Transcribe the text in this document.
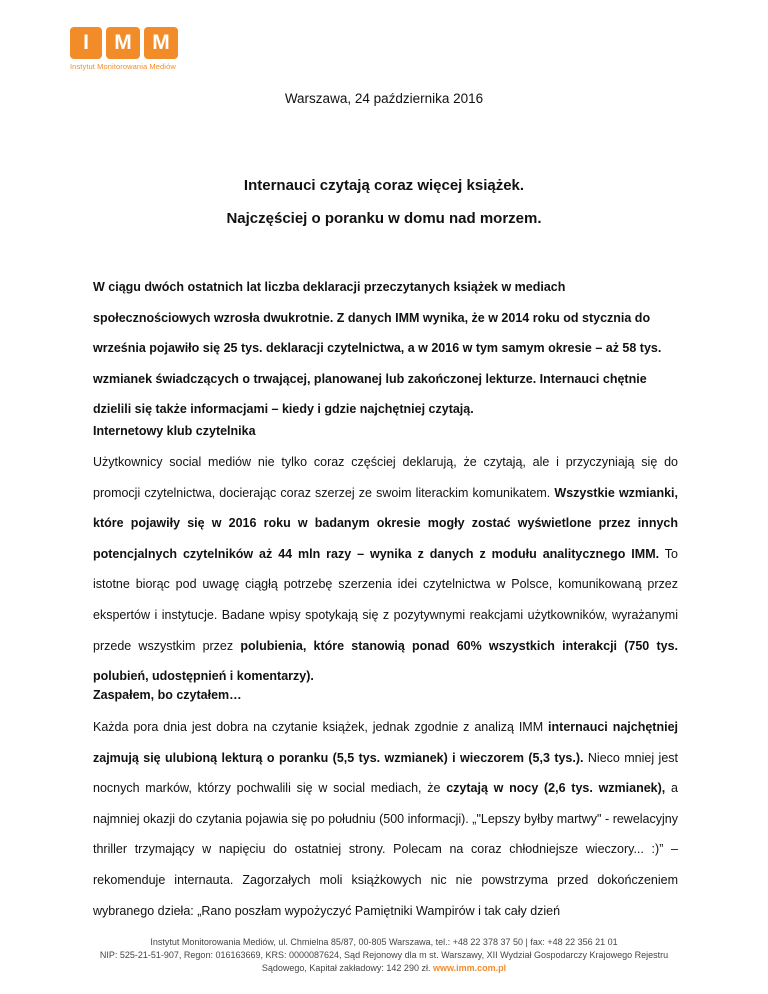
I	M M
Instytut Monitorowania Mediów
Warszawa, 24 października 2016
Internauci czytają coraz więcej książek.
Najczęściej o poranku w domu nad morzem.

W ciągu dwóch ostatnich lat liczba deklaracji przeczytanych książek w mediach społecznościowych wzrosła dwukrotnie. Z danych IMM wynika, że w 2014 roku od stycznia do września pojawiło się 25 tys. deklaracji czytelnictwa, a w 2016 w tym samym okresie – aż 58 tys. wzmianek świadczących o trwającej, planowanej lub zakończonej lekturze. Internauci chętnie dzielili się także informacjami – kiedy i gdzie najchętniej czytają.

Internetowy klub czytelnika

Użytkownicy social mediów nie tylko coraz częściej deklarują, że czytają, ale i przyczyniają się do promocji czytelnictwa, docierając coraz szerzej ze swoim literackim komunikatem. Wszystkie wzmianki, które pojawiły się w 2016 roku w badanym okresie mogły zostać wyświetlone przez innych potencjalnych czytelników aż 44 mln razy – wynika z danych z modułu analitycznego IMM. To istotne biorąc pod uwagę ciągłą potrzebę szerzenia idei czytelnictwa w Polsce, komunikowaną przez ekspertów i instytucje. Badane wpisy spotykają się z pozytywnymi reakcjami użytkowników, wyrażanymi przede wszystkim przez polubienia, które stanowią ponad 60% wszystkich interakcji (750 tys. polubień, udostępnień i komentarzy).

Zaspałem, bo czytałem…

Każda pora dnia jest dobra na czytanie książek, jednak zgodnie z analizą IMM internauci najchętniej zajmują się ulubioną lekturą o poranku (5,5 tys. wzmianek) i wieczorem (5,3 tys.). Nieco mniej jest nocnych marków, którzy pochwalili się w social mediach, że czytają w nocy (2,6 tys. wzmianek), a najmniej okazji do czytania pojawia się po południu (500 informacji). „"Lepszy byłby martwy" - rewelacyjny thriller trzymający w napięciu do ostatniej strony. Polecam na coraz chłodniejsze wieczory... :)” – rekomenduje internauta. Zagorzałych moli książkowych nic nie powstrzyma przed dokończeniem wybranego dzieła: „Rano poszłam wypożyczyć Pamiętniki Wampirów i tak cały dzień

Instytut Monitorowania Mediów, ul. Chmielna 85/87, 00-805 Warszawa, tel.: +48 22 378 37 50 | fax: +48 22 356 21 01
NIP: 525-21-51-907, Regon: 016163669, KRS: 0000087624, Sąd Rejonowy dla m st. Warszawy, XII Wydział Gospodarczy Krajowego Rejestru Sądowego, Kapitał zakładowy: 142 290 zł. www.imm.com.pl
